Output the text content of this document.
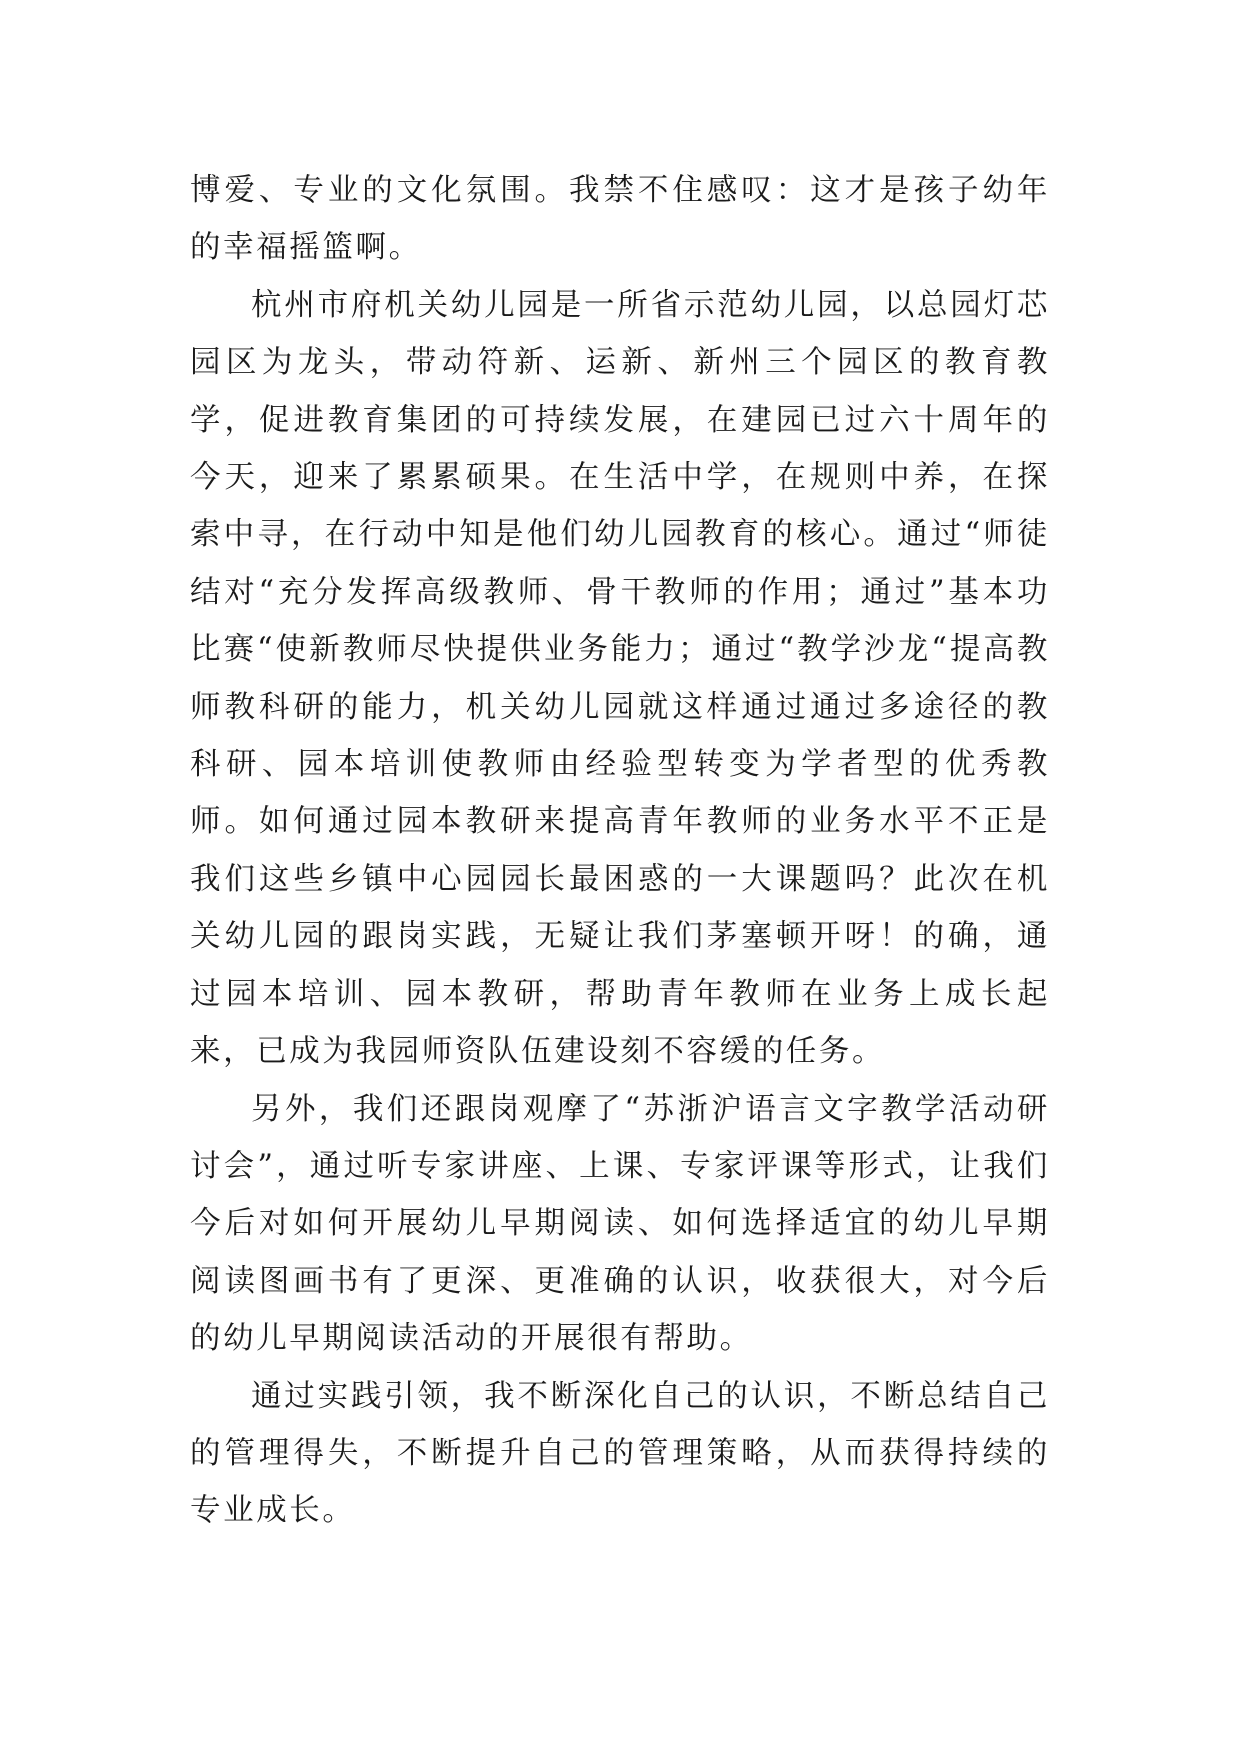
博爱、专业的文化氛围。我禁不住感叹：这才是孩子幼年的幸福摇篮啊。

杭州市府机关幼儿园是一所省示范幼儿园，以总园灯芯园区为龙头，带动符新、运新、新州三个园区的教育教学，促进教育集团的可持续发展，在建园已过六十周年的今天，迎来了累累硕果。在生活中学，在规则中养，在探索中寻，在行动中知是他们幼儿园教育的核心。通过“师徒结对“充分发挥高级教师、骨干教师的作用；通过”基本功比赛“使新教师尽快提供业务能力；通过“教学沙龙“提高教师教科研的能力，机关幼儿园就这样通过通过多途径的教科研、园本培训使教师由经验型转变为学者型的优秀教师。如何通过园本教研来提高青年教师的业务水平不正是我们这些乡镇中心园园长最困惑的一大课题吗？此次在机关幼儿园的跟岗实践，无疑让我们茅塞顿开呀！的确，通过园本培训、园本教研，帮助青年教师在业务上成长起来，已成为我园师资队伍建设刻不容缓的任务。

另外，我们还跟岗观摩了“苏浙沪语言文字教学活动研讨会”，通过听专家讲座、上课、专家评课等形式，让我们今后对如何开展幼儿早期阅读、如何选择适宜的幼儿早期阅读图画书有了更深、更准确的认识，收获很大，对今后的幼儿早期阅读活动的开展很有帮助。

通过实践引领，我不断深化自己的认识，不断总结自己的管理得失，不断提升自己的管理策略，从而获得持续的专业成长。
